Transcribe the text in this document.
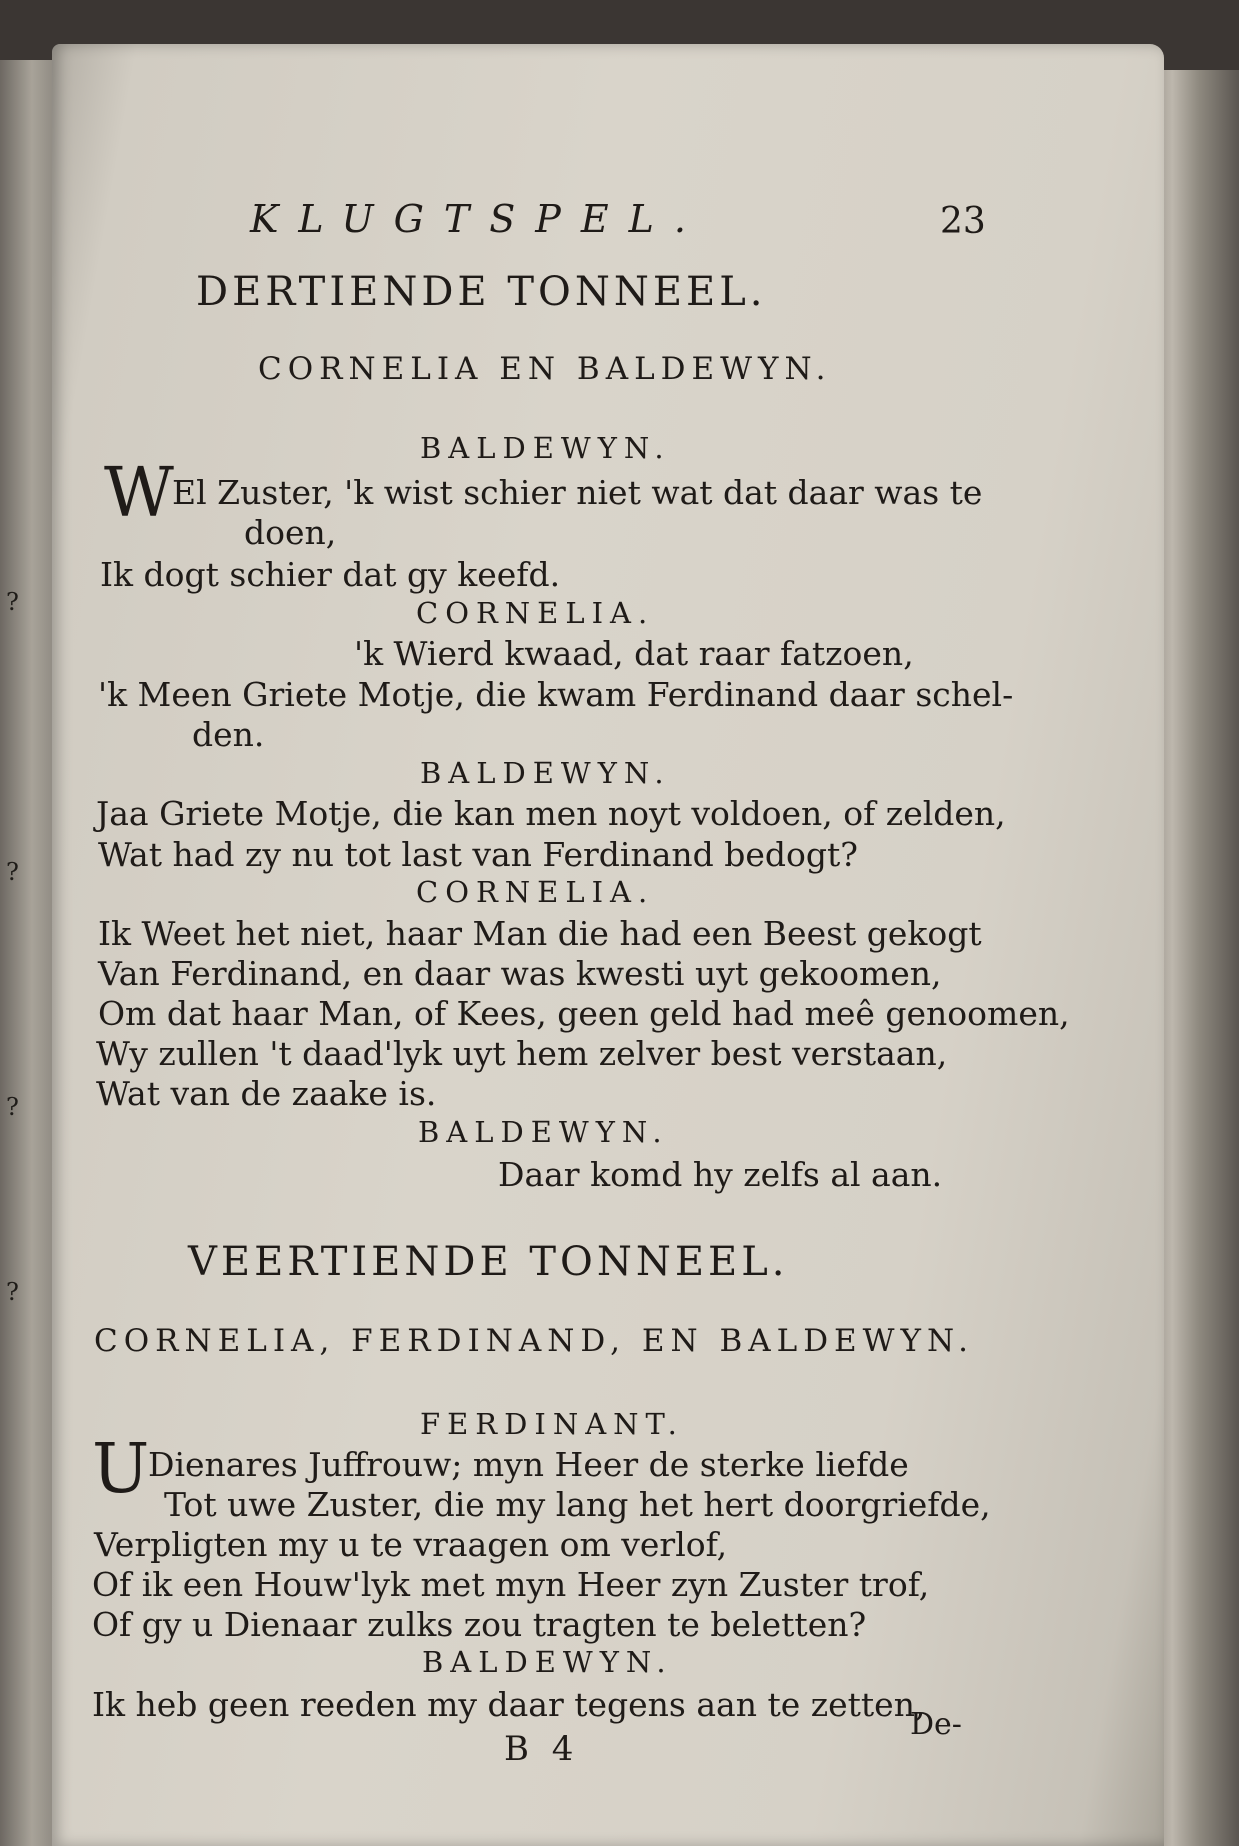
?
?
?
?
KLUGTSPEL.	23
DERTIENDE TONNEEL.
CORNELIA EN BALDEWYN.
BALDEWYN.
W
El Zuster, 'k wist schier niet wat dat daar was te
doen,
Ik dogt schier dat gy keefd.
CORNELIA.
'k Wierd kwaad, dat raar fatzoen,
'k Meen Griete Motje, die kwam Ferdinand daar schel-
den.
BALDEWYN.
Jaa Griete Motje, die kan men noyt voldoen, of zelden,
Wat had zy nu tot last van Ferdinand bedogt?
CORNELIA.
Ik Weet het niet, haar Man die had een Beest gekogt
Van Ferdinand, en daar was kwesti uyt gekoomen,
Om dat haar Man, of Kees, geen geld had meê genoomen,
Wy zullen 't daad'lyk uyt hem zelver best verstaan,
Wat van de zaake is.
BALDEWYN.
Daar komd hy zelfs al aan.
VEERTIENDE TONNEEL.
CORNELIA, FERDINAND, EN BALDEWYN.
FERDINANT.
U
Dienares Juffrouw; myn Heer de sterke liefde
Tot uwe Zuster, die my lang het hert doorgriefde,
Verpligten my u te vraagen om verlof,
Of ik een Houw'lyk met myn Heer zyn Zuster trof,
Of gy u Dienaar zulks zou tragten te beletten?
BALDEWYN.
Ik heb geen reeden my daar tegens aan te zetten,
De-
B 4
